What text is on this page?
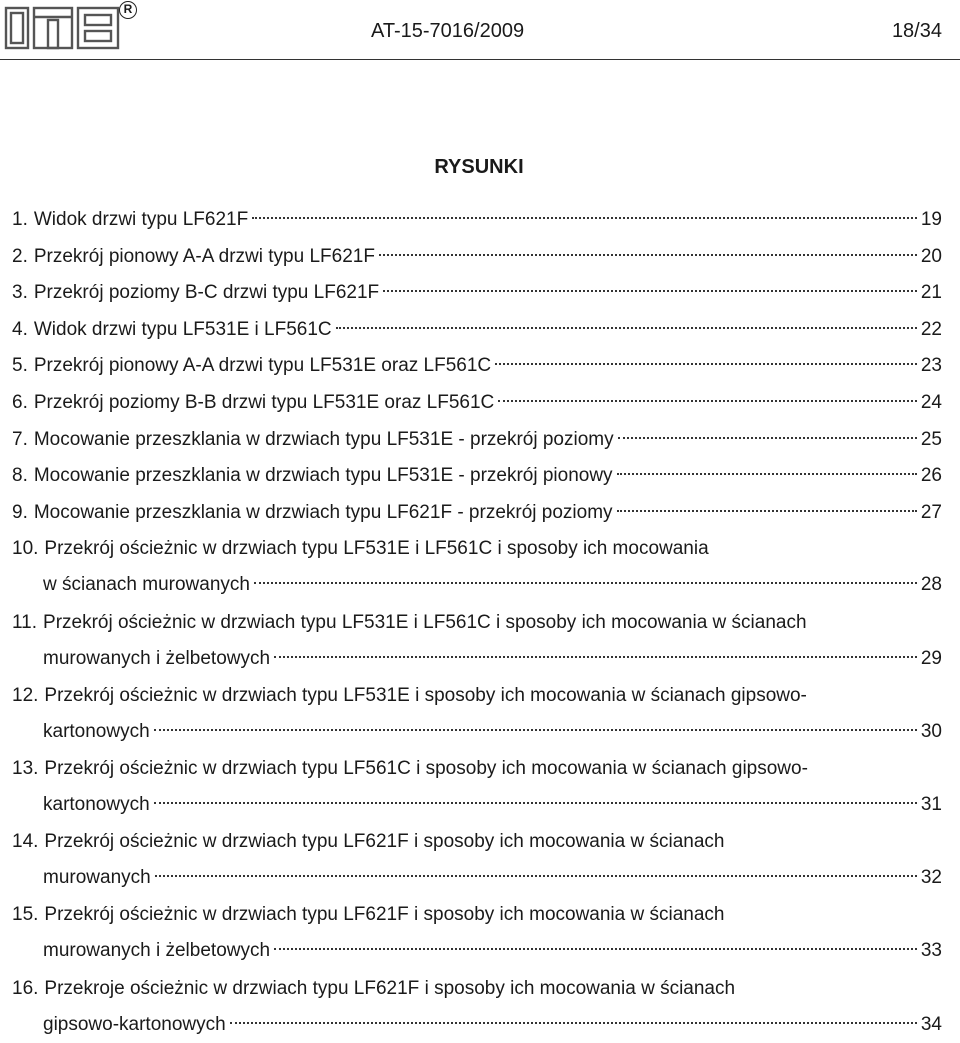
R
AT-15-7016/2009	18/34
RYSUNKI
1. Widok drzwi typu LF621F	19
2. Przekrój pionowy A-A drzwi typu LF621F	20
3. Przekrój poziomy B-C drzwi typu LF621F	21
4. Widok drzwi typu LF531E i LF561C	22
5. Przekrój pionowy A-A drzwi typu LF531E oraz LF561C	23
6. Przekrój poziomy B-B drzwi typu LF531E oraz LF561C	24
7. Mocowanie przeszklania w drzwiach typu LF531E - przekrój poziomy	25
8. Mocowanie przeszklania w drzwiach typu LF531E - przekrój pionowy	26
9. Mocowanie przeszklania w drzwiach typu LF621F - przekrój poziomy	27
10. Przekrój ościeżnic w drzwiach typu LF531E i LF561C i sposoby ich mocowania
w ścianach murowanych	28
11. Przekrój ościeżnic w drzwiach typu LF531E i LF561C i sposoby ich mocowania w ścianach
murowanych i żelbetowych	29
12. Przekrój ościeżnic w drzwiach typu LF531E i sposoby ich mocowania w ścianach gipsowo-
kartonowych	30
13. Przekrój ościeżnic w drzwiach typu LF561C i sposoby ich mocowania w ścianach gipsowo-
kartonowych	31
14. Przekrój ościeżnic w drzwiach typu LF621F i sposoby ich mocowania w ścianach
murowanych	32
15. Przekrój ościeżnic w drzwiach typu LF621F i sposoby ich mocowania w ścianach
murowanych i żelbetowych	33
16. Przekroje ościeżnic w drzwiach typu LF621F i sposoby ich mocowania w ścianach
gipsowo-kartonowych	34
